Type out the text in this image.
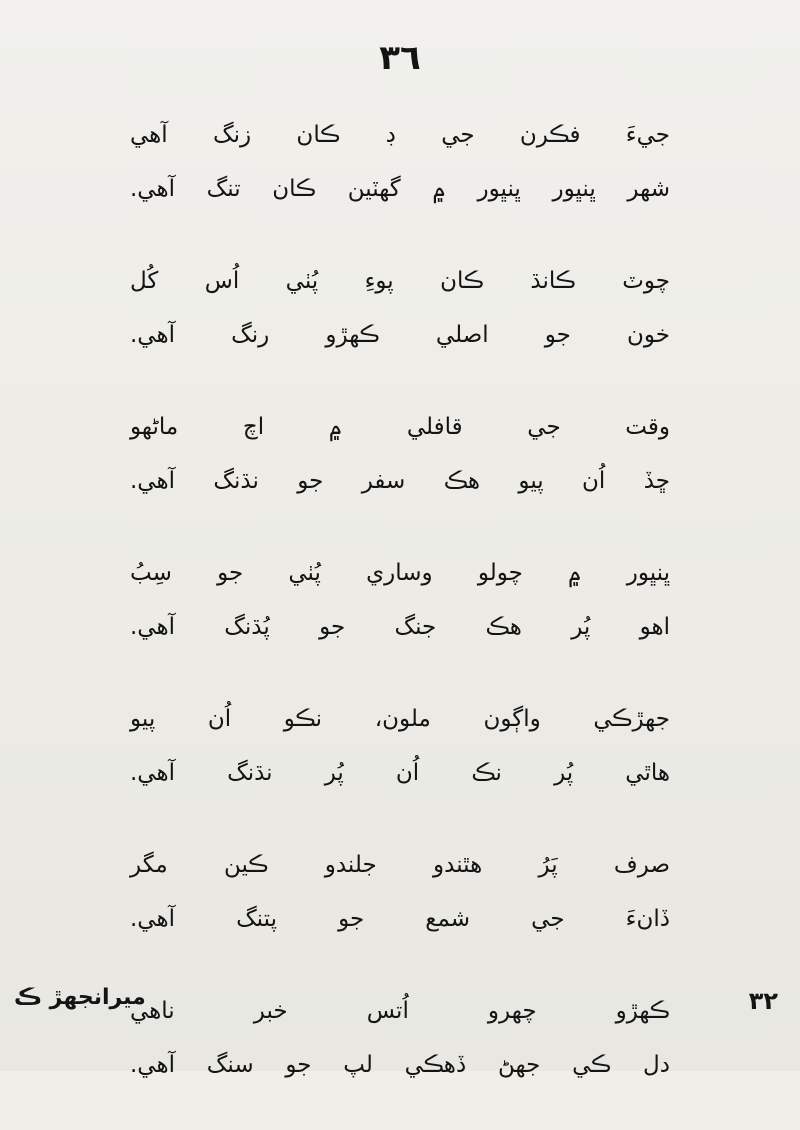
٣٦
جيءَ فڪرن جي ڊ ڪان زنگ آهي
شهر ڀنڀور ڀنڀور ۾ گهٽين ڪان تنگ آهي.
چوٽ ڪانڌ ڪان پوءِ پُٺي اُس کُل
خون جو اصلي ڪھڙو رنگ آهي.
وقت جي قافلي ۾ اچ ماڻهو
ڇڏ اُن پيو هڪ سفر جو نڌنگ آهي.
ڀنڀور ۾ چولو وساري پُٺي جو سِبُ
اهو پُر هڪ جنگ جو پُڌنگ آهي.
جهڙڪي واڳون ملون، نڪو اُن پيو
هاٿي پُر نڪ اُن پُر نڌنگ آهي.
صرف پَرُ هٿندو جلندو ڪين مگر
ڏانءَ جي شمع جو پتنگ آهي.
ڪهڙو چهرو اُتس خبر ناهي
دل ڪي جهڻ ڏهڪي لپ جو سنگ آهي.
ميرانجهڙ ڪ	٣٢
